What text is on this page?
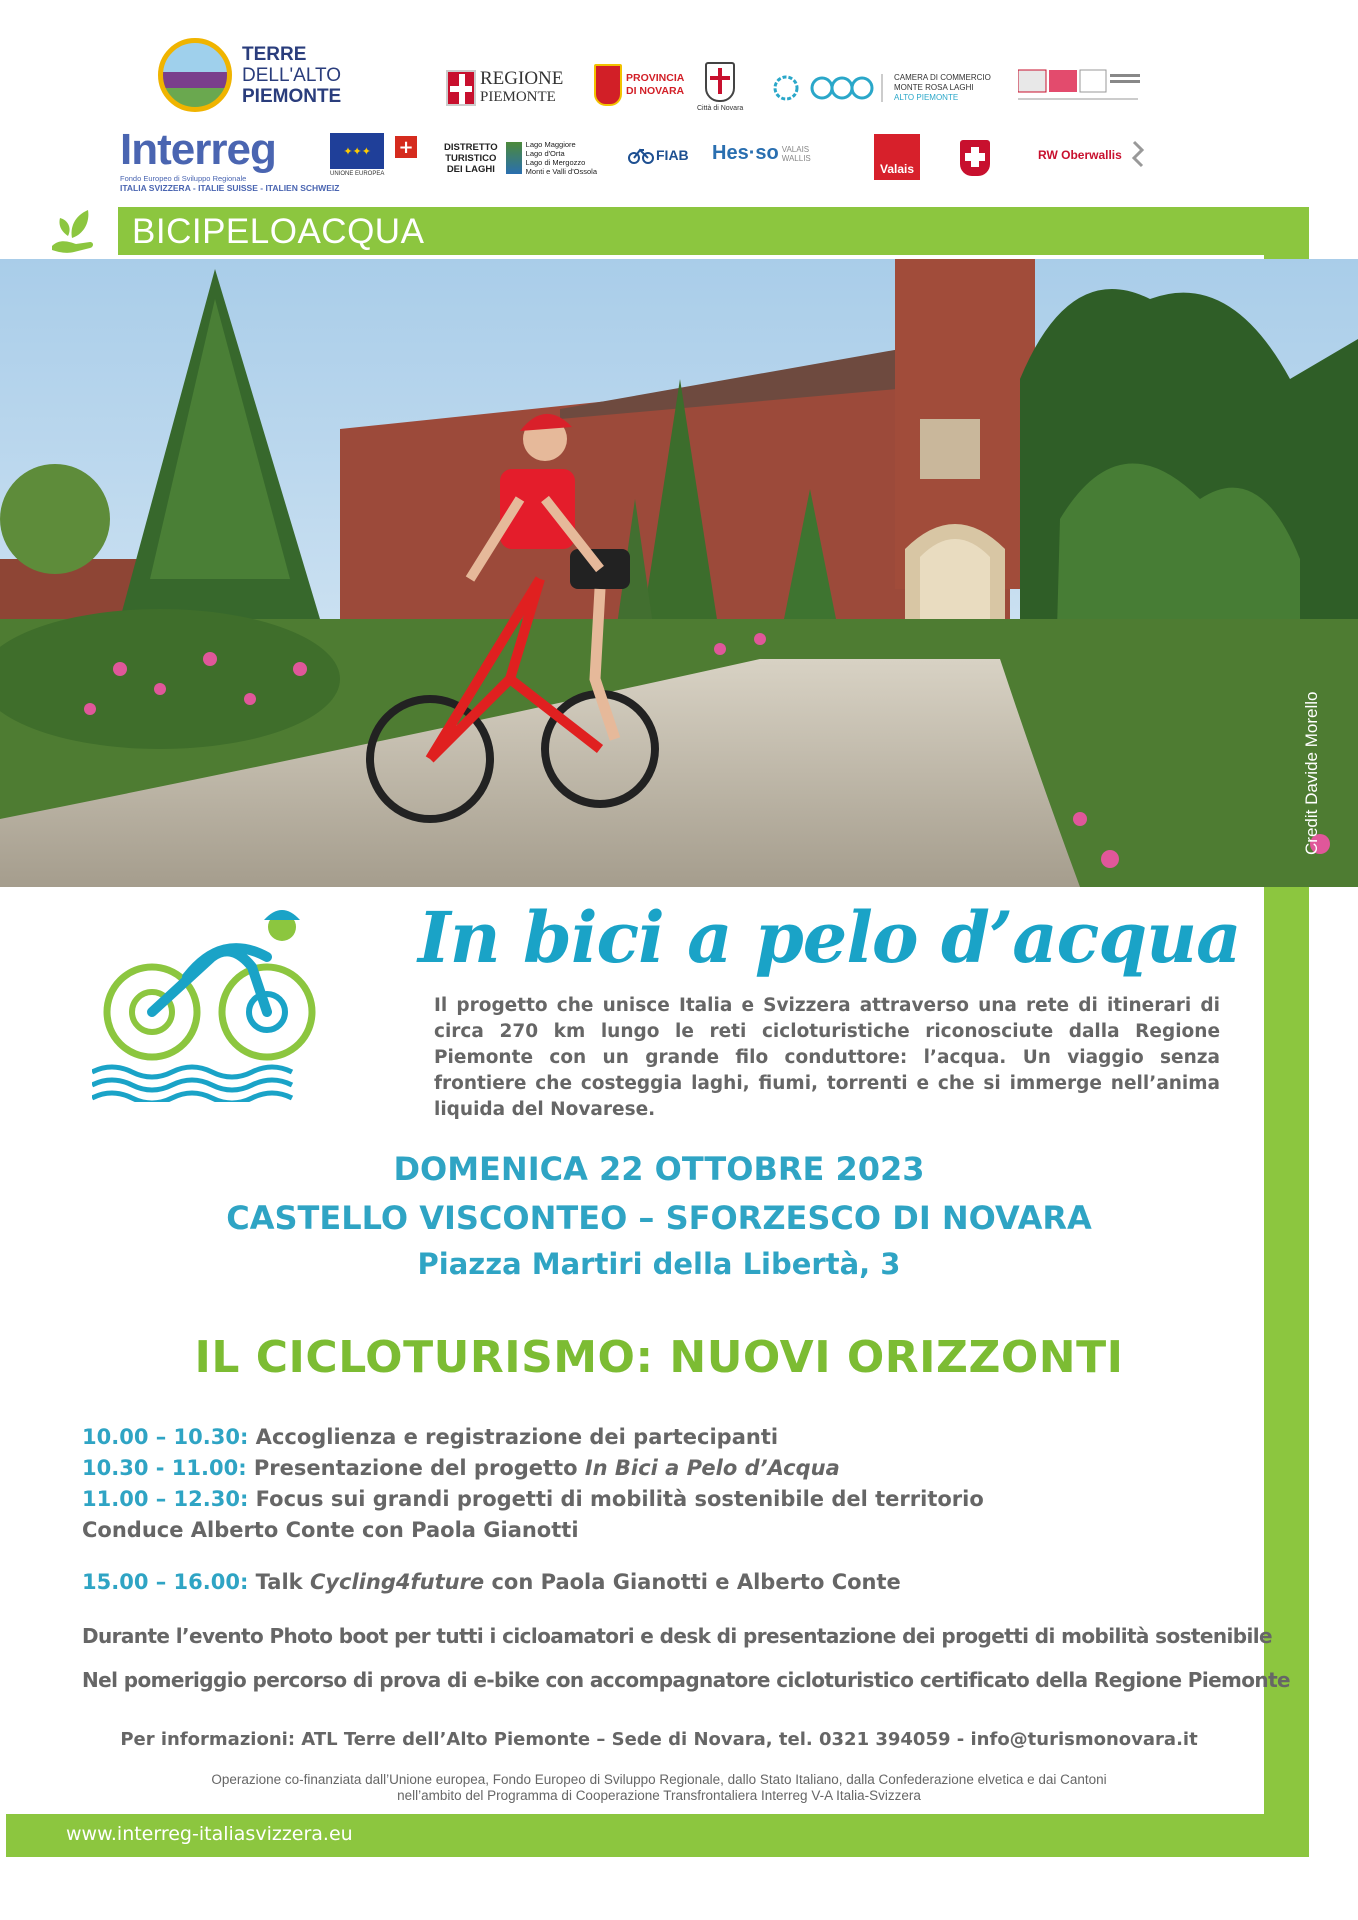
TERRE
DELL'ALTO
PIEMONTE
REGIONE
PIEMONTE
PROVINCIA
DI NOVARA
Città di Novara
CAMERA DI COMMERCIO
MONTE ROSA LAGHI
ALTO PIEMONTE
Interreg
Fondo Europeo di Sviluppo Regionale
ITALIA SVIZZERA - ITALIE SUISSE - ITALIEN SCHWEIZ
✦✦✦
UNIONE EUROPEA
+	DISTRETTO
TURISTICO
DEI LAGHI
Lago Maggiore
Lago d'Orta
Lago di Mergozzo
Monti e Valli d'Ossola
FIAB Hes·so VALAIS WALLIS
Valais
RW Oberwallis
BICIPELOACQUA
Credit Davide Morello
In bici a pelo d’acqua
Il progetto che unisce Italia e Svizzera attraverso una rete di itinerari di circa 270 km lungo le reti cicloturistiche riconosciute dalla Regione Piemonte con un grande filo conduttore: l’acqua. Un viaggio senza frontiere che costeggia laghi, fiumi, torrenti e che si immerge nell’anima liquida del Novarese.
DOMENICA 22 OTTOBRE 2023
CASTELLO VISCONTEO – SFORZESCO DI NOVARA
Piazza Martiri della Libertà, 3
IL CICLOTURISMO: NUOVI ORIZZONTI
10.00 – 10.30: Accoglienza e registrazione dei partecipanti
10.30 - 11.00: Presentazione del progetto In Bici a Pelo d’Acqua
11.00 – 12.30: Focus sui grandi progetti di mobilità sostenibile del territorio
Conduce Alberto Conte con Paola Gianotti
15.00 – 16.00: Talk Cycling4future con Paola Gianotti e Alberto Conte
Durante l’evento Photo boot per tutti i cicloamatori e desk di presentazione dei progetti di mobilità sostenibile
Nel pomeriggio percorso di prova di e-bike con accompagnatore cicloturistico certificato della Regione Piemonte
Per informazioni: ATL Terre dell’Alto Piemonte – Sede di Novara, tel. 0321 394059 - info@turismonovara.it
Operazione co-finanziata dall’Unione europea, Fondo Europeo di Sviluppo Regionale, dallo Stato Italiano, dalla Confederazione elvetica e dai Cantoni
nell’ambito del Programma di Cooperazione Transfrontaliera Interreg V-A Italia-Svizzera
www.interreg-italiasvizzera.eu
